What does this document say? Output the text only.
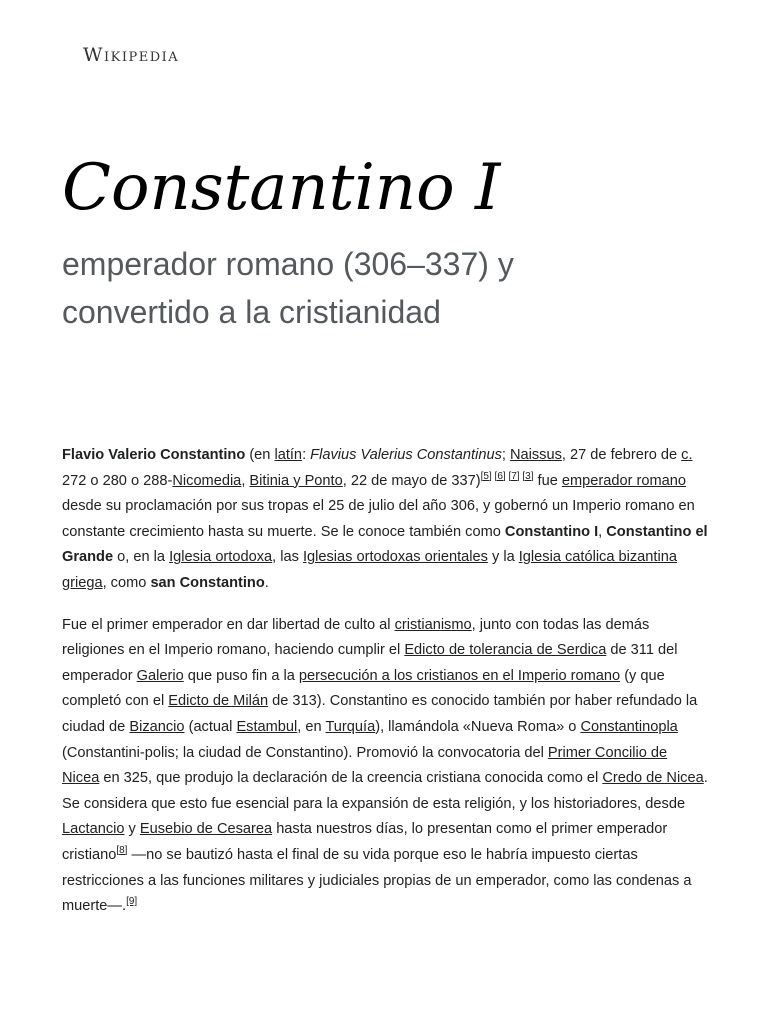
Wikipedia
Constantino I
emperador romano (306–337) y convertido a la cristianidad

Flavio Valerio Constantino (en latín: Flavius Valerius Constantinus; Naissus, 27 de febrero de c. 272 o 280 o 288-Nicomedia, Bitinia y Ponto, 22 de mayo de 337)[5] [6] [7] [3] fue emperador romano desde su proclamación por sus tropas el 25 de julio del año 306, y gobernó un Imperio romano en constante crecimiento hasta su muerte. Se le conoce también como Constantino I, Constantino el Grande o, en la Iglesia ortodoxa, las Iglesias ortodoxas orientales y la Iglesia católica bizantina griega, como san Constantino.

Fue el primer emperador en dar libertad de culto al cristianismo, junto con todas las demás religiones en el Imperio romano, haciendo cumplir el Edicto de tolerancia de Serdica de 311 del emperador Galerio que puso fin a la persecución a los cristianos en el Imperio romano (y que completó con el Edicto de Milán de 313). Constantino es conocido también por haber refundado la ciudad de Bizancio (actual Estambul, en Turquía), llamándola «Nueva Roma» o Constantinopla (Constantini-polis; la ciudad de Constantino). Promovió la convocatoria del Primer Concilio de Nicea en 325, que produjo la declaración de la creencia cristiana conocida como el Credo de Nicea. Se considera que esto fue esencial para la expansión de esta religión, y los historiadores, desde Lactancio y Eusebio de Cesarea hasta nuestros días, lo presentan como el primer emperador cristiano[8] —no se bautizó hasta el final de su vida porque eso le habría impuesto ciertas restricciones a las funciones militares y judiciales propias de un emperador, como las condenas a muerte—.[9]
